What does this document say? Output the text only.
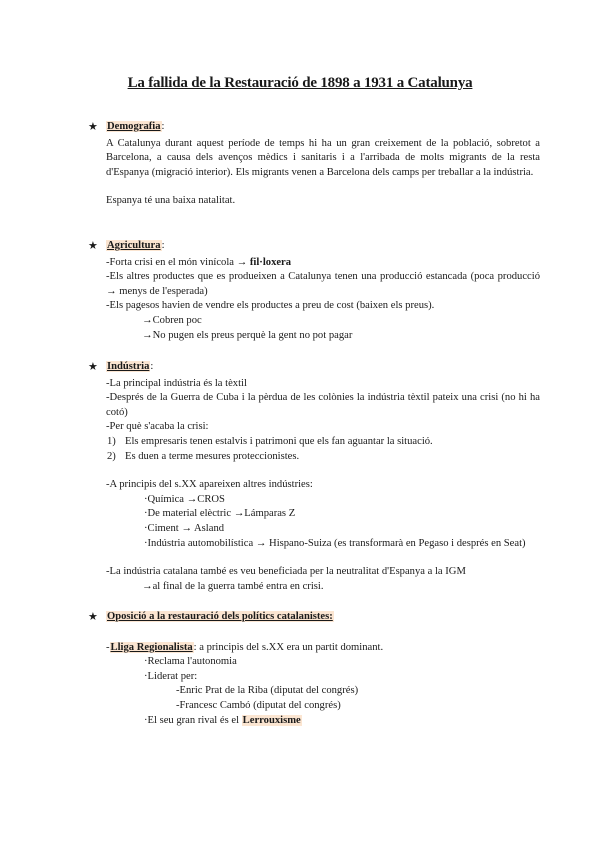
La fallida de la Restauració de 1898 a 1931 a Catalunya
★ Demografia:
A Catalunya durant aquest període de temps hi ha un gran creixement de la població, sobretot a Barcelona, a causa dels avenços mèdics i sanitaris i a l'arribada de molts migrants de la resta d'Espanya (migració interior). Els migrants venen a Barcelona dels camps per treballar a la indústria.
Espanya té una baixa natalitat.
★ Agricultura:
-Forta crisi en el món vinícola → fil·loxera
-Els altres productes que es produeixen a Catalunya tenen una producció estancada (poca producció → menys de l'esperada)
-Els pagesos havien de vendre els productes a preu de cost (baixen els preus).
→Cobren poc
→No pugen els preus perquè la gent no pot pagar
★ Indústria:
-La principal indústria és la tèxtil
-Després de la Guerra de Cuba i la pèrdua de les colònies la indústria tèxtil pateix una crisi (no hi ha cotó)
-Per què s'acaba la crisi:
1) Els empresaris tenen estalvis i patrimoni que els fan aguantar la situació.
2) Es duen a terme mesures proteccionistes.
-A principis del s.XX apareixen altres indústries:
·Química →CROS
·De material elèctric →Lámparas Z
·Ciment → Asland
·Indústria automobilística → Hispano-Suiza (es transformarà en Pegaso i després en Seat)
-La indústria catalana també es veu beneficiada per la neutralitat d'Espanya a la IGM
→al final de la guerra també entra en crisi.
★ Oposició a la restauració dels polítics catalanistes:
-Lliga Regionalista: a principis del s.XX era un partit dominant.
·Reclama l'autonomia
·Liderat per:
-Enric Prat de la Riba (diputat del congrés)
-Francesc Cambó (diputat del congrés)
·El seu gran rival és el Lerrouxisme
